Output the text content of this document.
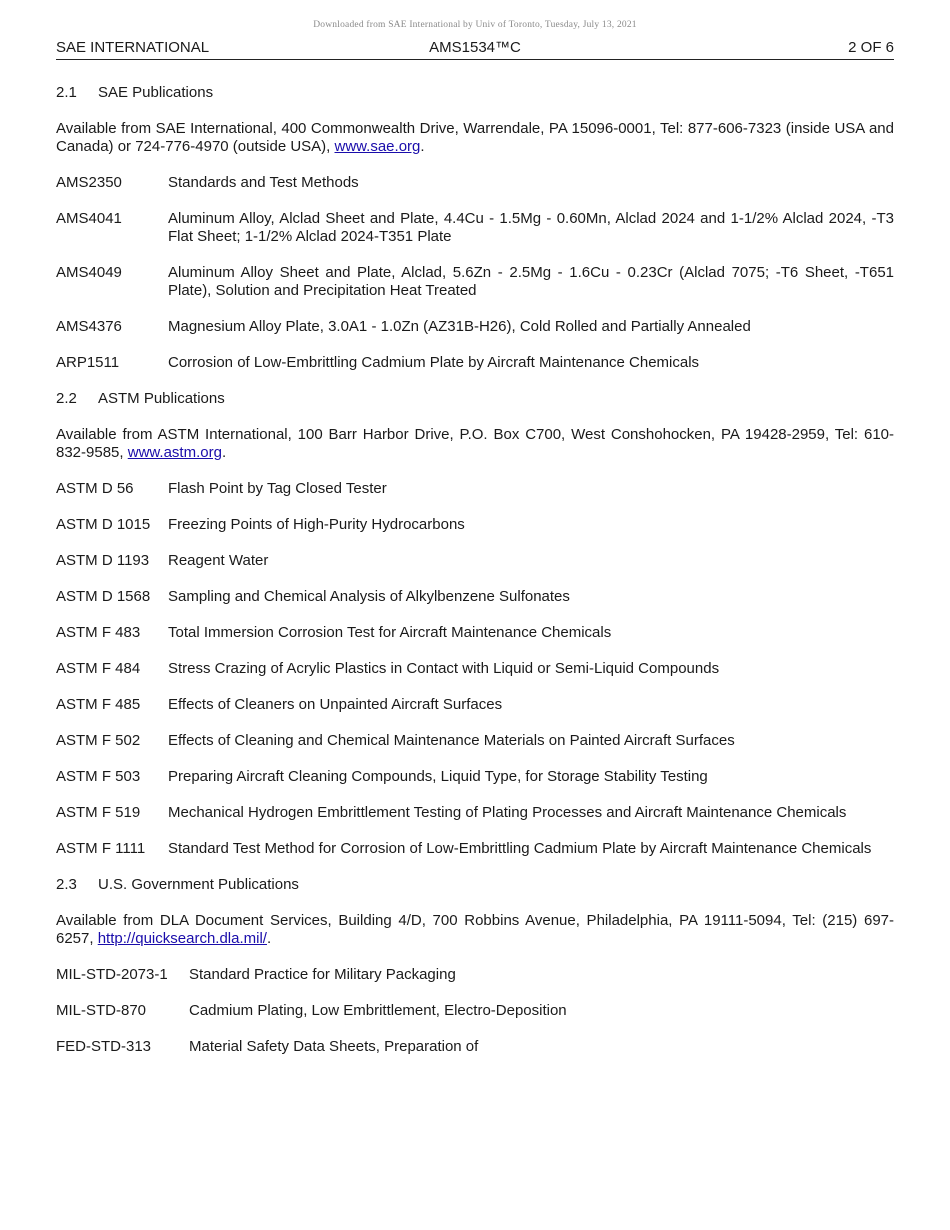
Downloaded from SAE International by Univ of Toronto, Tuesday, July 13, 2021
SAE INTERNATIONAL	AMS1534™C	2 OF 6
2.1	SAE Publications

Available from SAE International, 400 Commonwealth Drive, Warrendale, PA 15096-0001, Tel: 877-606-7323 (inside USA and Canada) or 724-776-4970 (outside USA), www.sae.org.

AMS2350	Standards and Test Methods
AMS4041	Aluminum Alloy, Alclad Sheet and Plate, 4.4Cu - 1.5Mg - 0.60Mn, Alclad 2024 and 1-1/2% Alclad 2024, -T3 Flat Sheet; 1-1/2% Alclad 2024-T351 Plate
AMS4049	Aluminum Alloy Sheet and Plate, Alclad, 5.6Zn - 2.5Mg - 1.6Cu - 0.23Cr (Alclad 7075; -T6 Sheet, -T651 Plate), Solution and Precipitation Heat Treated
AMS4376	Magnesium Alloy Plate, 3.0A1 - 1.0Zn (AZ31B-H26), Cold Rolled and Partially Annealed
ARP1511	Corrosion of Low-Embrittling Cadmium Plate by Aircraft Maintenance Chemicals
2.2	ASTM Publications

Available from ASTM International, 100 Barr Harbor Drive, P.O. Box C700, West Conshohocken, PA 19428-2959, Tel: 610-832-9585, www.astm.org.

ASTM D 56	Flash Point by Tag Closed Tester
ASTM D 1015	Freezing Points of High-Purity Hydrocarbons
ASTM D 1193	Reagent Water
ASTM D 1568	Sampling and Chemical Analysis of Alkylbenzene Sulfonates
ASTM F 483	Total Immersion Corrosion Test for Aircraft Maintenance Chemicals
ASTM F 484	Stress Crazing of Acrylic Plastics in Contact with Liquid or Semi-Liquid Compounds
ASTM F 485	Effects of Cleaners on Unpainted Aircraft Surfaces
ASTM F 502	Effects of Cleaning and Chemical Maintenance Materials on Painted Aircraft Surfaces
ASTM F 503	Preparing Aircraft Cleaning Compounds, Liquid Type, for Storage Stability Testing
ASTM F 519	Mechanical Hydrogen Embrittlement Testing of Plating Processes and Aircraft Maintenance Chemicals
ASTM F 1111	Standard Test Method for Corrosion of Low-Embrittling Cadmium Plate by Aircraft Maintenance Chemicals
2.3	U.S. Government Publications

Available from DLA Document Services, Building 4/D, 700 Robbins Avenue, Philadelphia, PA 19111-5094, Tel: (215) 697-6257, http://quicksearch.dla.mil/.

MIL-STD-2073-1	Standard Practice for Military Packaging
MIL-STD-870	Cadmium Plating, Low Embrittlement, Electro-Deposition
FED-STD-313	Material Safety Data Sheets, Preparation of
